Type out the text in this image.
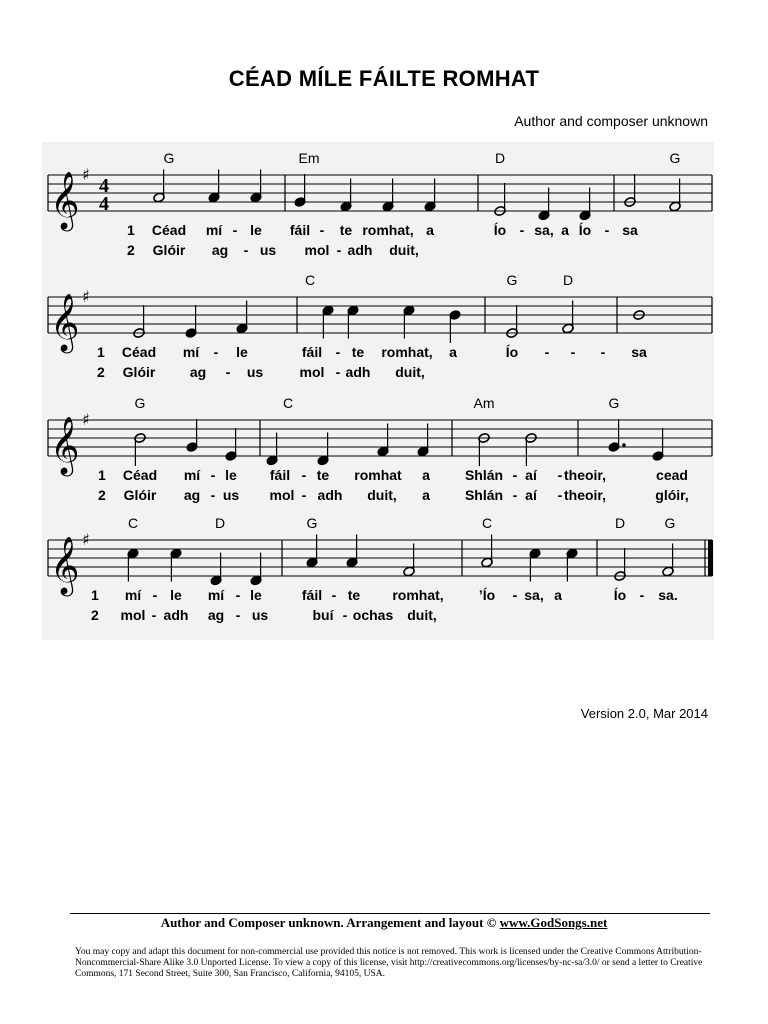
CÉAD MÍLE FÁILTE ROMHAT
Author and composer unknown
𝄞 ♯
4
4
G	Em	D	G
1 Céad mí - le fáil - te romhat, a	Ío - sa, a Ío - sa
2 Glóir ag - us mol - adh duit,
𝄞 ♯
C	G	D
1 Céad mí - le	fáil - te romhat, a	Ío - - - sa
2 Glóir ag - us	mol - adh duit,
𝄞 ♯
G	C	Am	G
1 Céad mí - le fáil - te romhat a	Shlán - aí - theoir,	cead
2 Glóir ag - us mol - adh duit, a	Shlán - aí - theoir,	glóir,
𝄞 ♯
C	D	G	C	D	G
1 mí - le mí - le	fáil - te romhat,	’Ío - sa, a	Ío - sa.
2 mol - adh ag - us	buí - ochas duit,
Version 2.0, Mar 2014
Author and Composer unknown. Arrangement and layout © www.GodSongs.net
You may copy and adapt this document for non-commercial use provided this notice is not removed. This work is licensed under the Creative Commons Attribution-Noncommercial-Share Alike 3.0 Unported License. To view a copy of this license, visit http://creativecommons.org/licenses/by-nc-sa/3.0/ or send a letter to Creative Commons, 171 Second Street, Suite 300, San Francisco, California, 94105, USA.
